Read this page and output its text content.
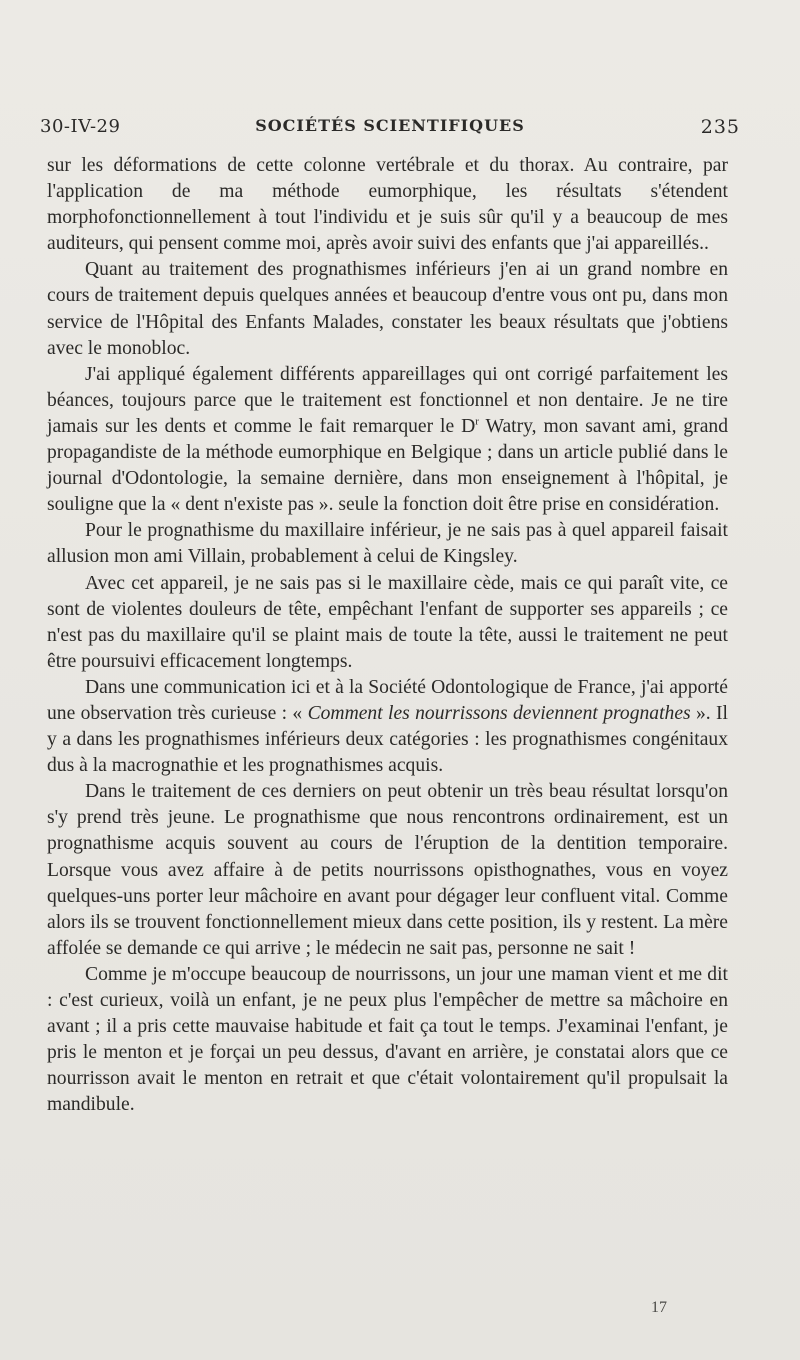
30-IV-29	SOCIÉTÉS SCIENTIFIQUES	235

sur les déformations de cette colonne vertébrale et du thorax. Au contraire, par l'application de ma méthode eumorphique, les résultats s'étendent morphofonctionnellement à tout l'individu et je suis sûr qu'il y a beaucoup de mes auditeurs, qui pensent comme moi, après avoir suivi des enfants que j'ai appareillés..

Quant au traitement des prognathismes inférieurs j'en ai un grand nombre en cours de traitement depuis quelques années et beaucoup d'entre vous ont pu, dans mon service de l'Hôpital des Enfants Malades, constater les beaux résultats que j'obtiens avec le monobloc.

J'ai appliqué également différents appareillages qui ont corrigé parfaitement les béances, toujours parce que le traitement est fonctionnel et non dentaire. Je ne tire jamais sur les dents et comme le fait remarquer le $D^r$ Watry, mon savant ami, grand propagandiste de la méthode eumorphique en Belgique ; dans un article publié dans le journal d'Odontologie, la semaine dernière, dans mon enseignement à l'hôpital, je souligne que la « dent n'existe pas ». seule la fonction doit être prise en considération.

Pour le prognathisme du maxillaire inférieur, je ne sais pas à quel appareil faisait allusion mon ami Villain, probablement à celui de Kingsley.

Avec cet appareil, je ne sais pas si le maxillaire cède, mais ce qui paraît vite, ce sont de violentes douleurs de tête, empêchant l'enfant de supporter ses appareils ; ce n'est pas du maxillaire qu'il se plaint mais de toute la tête, aussi le traitement ne peut être poursuivi efficacement longtemps.

Dans une communication ici et à la Société Odontologique de France, j'ai apporté une observation très curieuse : « Comment les nourrissons deviennent prognathes ». Il y a dans les prognathismes inférieurs deux catégories : les prognathismes congénitaux dus à la macrognathie et les prognathismes acquis.

Dans le traitement de ces derniers on peut obtenir un très beau résultat lorsqu'on s'y prend très jeune. Le prognathisme que nous rencontrons ordinairement, est un prognathisme acquis souvent au cours de l'éruption de la dentition temporaire. Lorsque vous avez affaire à de petits nourrissons opisthognathes, vous en voyez quelques-uns porter leur mâchoire en avant pour dégager leur confluent vital. Comme alors ils se trouvent fonctionnellement mieux dans cette position, ils y restent. La mère affolée se demande ce qui arrive ; le médecin ne sait pas, personne ne sait !

Comme je m'occupe beaucoup de nourrissons, un jour une maman vient et me dit : c'est curieux, voilà un enfant, je ne peux plus l'empêcher de mettre sa mâchoire en avant ; il a pris cette mauvaise habitude et fait ça tout le temps. J'examinai l'enfant, je pris le menton et je forçai un peu dessus, d'avant en arrière, je constatai alors que ce nourrisson avait le menton en retrait et que c'était volontairement qu'il propulsait la mandibule.

17
